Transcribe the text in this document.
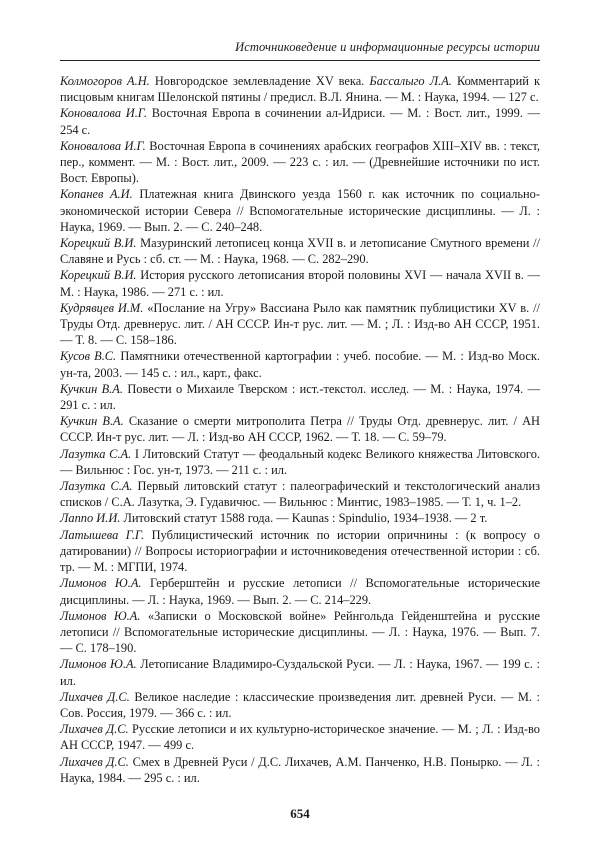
Источниковедение и информационные ресурсы истории

Колмогоров А.Н. Новгородское землевладение XV века. Бассалыго Л.А. Комментарий к писцовым книгам Шелонской пятины / предисл. В.Л. Янина. — М. : Наука, 1994. — 127 с.

Коновалова И.Г. Восточная Европа в сочинении ал-Идриси. — М. : Вост. лит., 1999. — 254 с.

Коновалова И.Г. Восточная Европа в сочинениях арабских географов XIII–XIV вв. : текст, пер., коммент. — М. : Вост. лит., 2009. — 223 с. : ил. — (Древнейшие источники по ист. Вост. Европы).

Копанев А.И. Платежная книга Двинского уезда 1560 г. как источник по социально-экономической истории Севера // Вспомогательные исторические дисциплины. — Л. : Наука, 1969. — Вып. 2. — С. 240–248.

Корецкий В.И. Мазуринский летописец конца XVII в. и летописание Смутного времени // Славяне и Русь : сб. ст. — М. : Наука, 1968. — С. 282–290.

Корецкий В.И. История русского летописания второй половины XVI — начала XVII в. — М. : Наука, 1986. — 271 с. : ил.

Кудрявцев И.М. «Послание на Угру» Вассиана Рыло как памятник публицистики XV в. // Труды Отд. древнерус. лит. / АН СССР. Ин-т рус. лит. — М. ; Л. : Изд-во АН СССР, 1951. — Т. 8. — С. 158–186.

Кусов В.С. Памятники отечественной картографии : учеб. пособие. — М. : Изд-во Моск. ун-та, 2003. — 145 с. : ил., карт., факс.

Кучкин В.А. Повести о Михаиле Тверском : ист.-текстол. исслед. — М. : Наука, 1974. — 291 с. : ил.

Кучкин В.А. Сказание о смерти митрополита Петра // Труды Отд. древнерус. лит. / АН СССР. Ин-т рус. лит. — Л. : Изд-во АН СССР, 1962. — Т. 18. — С. 59–79.

Лазутка С.А. I Литовский Статут — феодальный кодекс Великого княжества Литовского. — Вильнюс : Гос. ун-т, 1973. — 211 с. : ил.

Лазутка С.А. Первый литовский статут : палеографический и текстологический анализ списков / С.А. Лазутка, Э. Гудавичюс. — Вильнюс : Минтис, 1983–1985. — Т. 1, ч. 1–2.

Лаппо И.И. Литовский статут 1588 года. — Kaunas : Spindulio, 1934–1938. — 2 т.

Латышева Г.Г. Публицистический источник по истории опричнины : (к вопросу о датировании) // Вопросы историографии и источниковедения отечественной истории : сб. тр. — М. : МГПИ, 1974.

Лимонов Ю.А. Герберштейн и русские летописи // Вспомогательные исторические дисциплины. — Л. : Наука, 1969. — Вып. 2. — С. 214–229.

Лимонов Ю.А. «Записки о Московской войне» Рейнгольда Гейденштейна и русские летописи // Вспомогательные исторические дисциплины. — Л. : Наука, 1976. — Вып. 7. — С. 178–190.

Лимонов Ю.А. Летописание Владимиро-Суздальской Руси. — Л. : Наука, 1967. — 199 с. : ил.

Лихачев Д.С. Великое наследие : классические произведения лит. древней Руси. — М. : Сов. Россия, 1979. — 366 с. : ил.

Лихачев Д.С. Русские летописи и их культурно-историческое значение. — М. ; Л. : Изд-во АН СССР, 1947. — 499 с.

Лихачев Д.С. Смех в Древней Руси / Д.С. Лихачев, А.М. Панченко, Н.В. Понырко. — Л. : Наука, 1984. — 295 с. : ил.

654
